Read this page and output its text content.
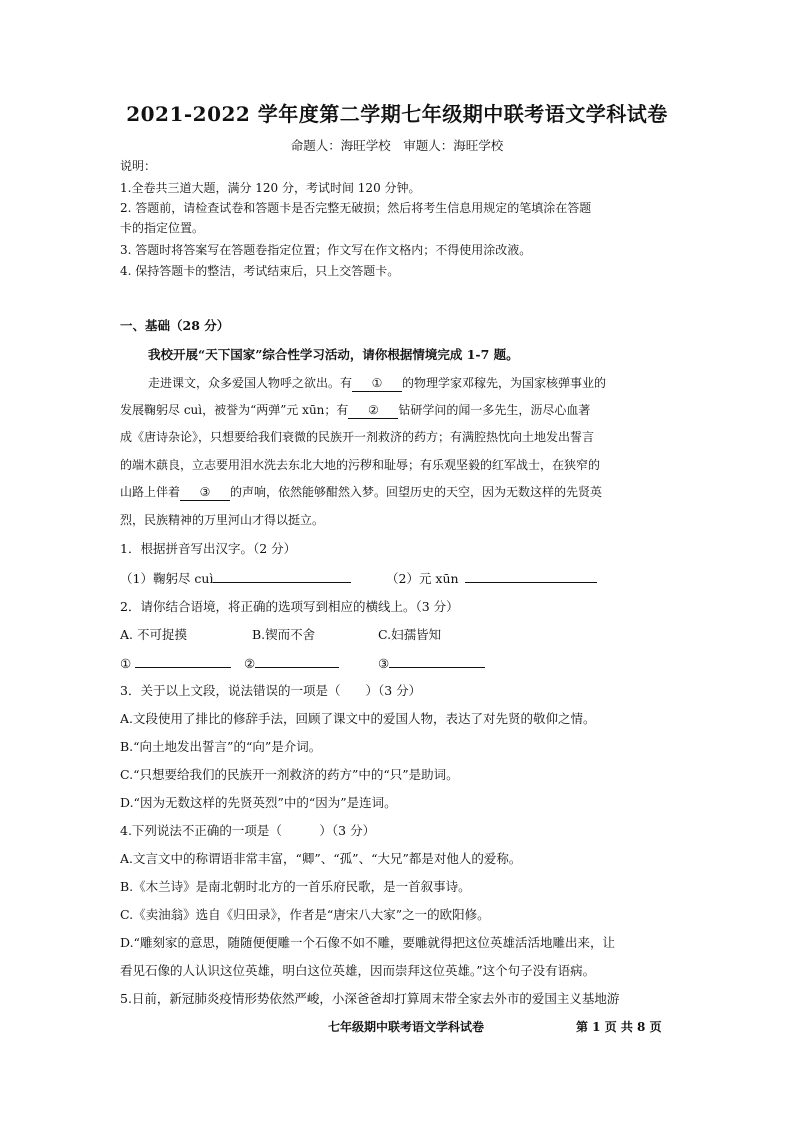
2021-2022 学年度第二学期七年级期中联考语文学科试卷
命题人：海旺学校　审题人：海旺学校
说明：
1.全卷共三道大题，满分 120 分，考试时间 120 分钟。
2. 答题前，请检查试卷和答题卡是否完整无破损；然后将考生信息用规定的笔填涂在答题
卡的指定位置。
3. 答题时将答案写在答题卷指定位置；作文写在作文格内；不得使用涂改液。
4. 保持答题卡的整洁，考试结束后，只上交答题卡。
一、基础（28 分）
我校开展“天下国家”综合性学习活动，请你根据情境完成 1-7 题。
走进课文，众多爱国人物呼之欲出。有 ① 的物理学家邓稼先，为国家核弹事业的
发展鞠躬尽 cuì，被誉为“两弹”元 xūn；有 ② 钻研学问的闻一多先生，沥尽心血著
成《唐诗杂论》，只想要给我们衰微的民族开一剂救济的药方；有满腔热忱向土地发出誓言
的端木蕻良，立志要用泪水洗去东北大地的污秽和耻辱；有乐观坚毅的红军战士，在狭窄的
山路上伴着 ③ 的声响，依然能够酣然入梦。回望历史的天空，因为无数这样的先贤英
烈，民族精神的万里河山才得以挺立。
1．根据拼音写出汉字。（2 分）
（1）鞠躬尽 cuì	（2）元 xūn
2．请你结合语境，将正确的选项写到相应的横线上。（3 分）
A. 不可捉摸	B.锲而不舍	C.妇孺皆知
①	②	③
3．关于以上文段，说法错误的一项是（　　）（3 分）
A.文段使用了排比的修辞手法，回顾了课文中的爱国人物，表达了对先贤的敬仰之情。
B.“向土地发出誓言”的“向”是介词。
C.“只想要给我们的民族开一剂救济的药方”中的“只”是助词。
D.“因为无数这样的先贤英烈”中的“因为”是连词。
4.下列说法不正确的一项是（　　　）（3 分）
A.文言文中的称谓语非常丰富，“卿”、“孤”、“大兄”都是对他人的爱称。
B.《木兰诗》是南北朝时北方的一首乐府民歌，是一首叙事诗。
C.《卖油翁》选自《归田录》，作者是“唐宋八大家”之一的欧阳修。
D.“雕刻家的意思，随随便便雕一个石像不如不雕，要雕就得把这位英雄活活地雕出来，让
看见石像的人认识这位英雄，明白这位英雄，因而崇拜这位英雄。”这个句子没有语病。
5.日前，新冠肺炎疫情形势依然严峻，小深爸爸却打算周末带全家去外市的爱国主义基地游
七年级期中联考语文学科试卷	第 1 页 共 8 页
